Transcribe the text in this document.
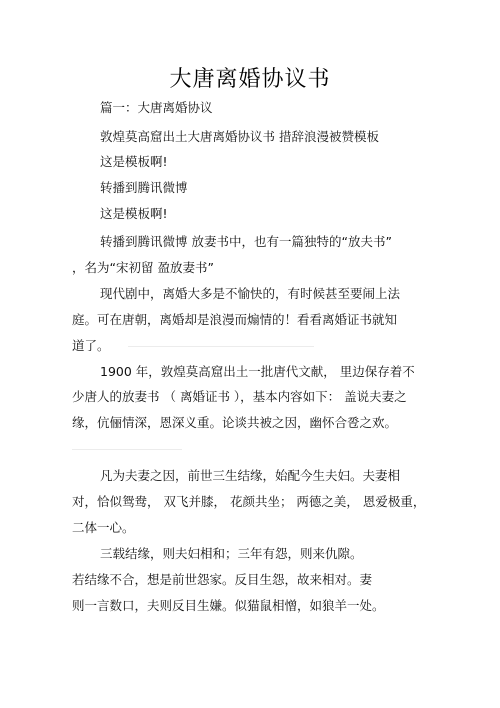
大唐离婚协议书
篇一：大唐离婚协议
敦煌莫高窟出土大唐离婚协议书 措辞浪漫被赞模板
这是模板啊!
转播到腾讯微博
这是模板啊!
转播到腾讯微博 放妻书中，也有一篇独特的“放夫书”
，名为“宋初留 盈放妻书”
现代剧中，离婚大多是不愉快的，有时候甚至要闹上法
庭。可在唐朝，离婚却是浪漫而煽情的！看看离婚证书就知
道了。
1900 年，敦煌莫高窟出土一批唐代文献， 里边保存着不
少唐人的放妻书 （ 离婚证书 ），基本内容如下： 盖说夫妻之
缘，伉俪情深，恩深义重。论谈共被之因，幽怀合卺之欢。
凡为夫妻之因，前世三生结缘，始配今生夫妇。夫妻相
对，恰似鸳鸯， 双飞并膝， 花颜共坐； 两德之美， 恩爱极重，
二体一心。
三载结缘，则夫妇相和；三年有怨，则来仇隙。
若结缘不合，想是前世怨家。反目生怨，故来相对。妻
则一言数口，夫则反目生嫌。似猫鼠相憎，如狼羊一处。
